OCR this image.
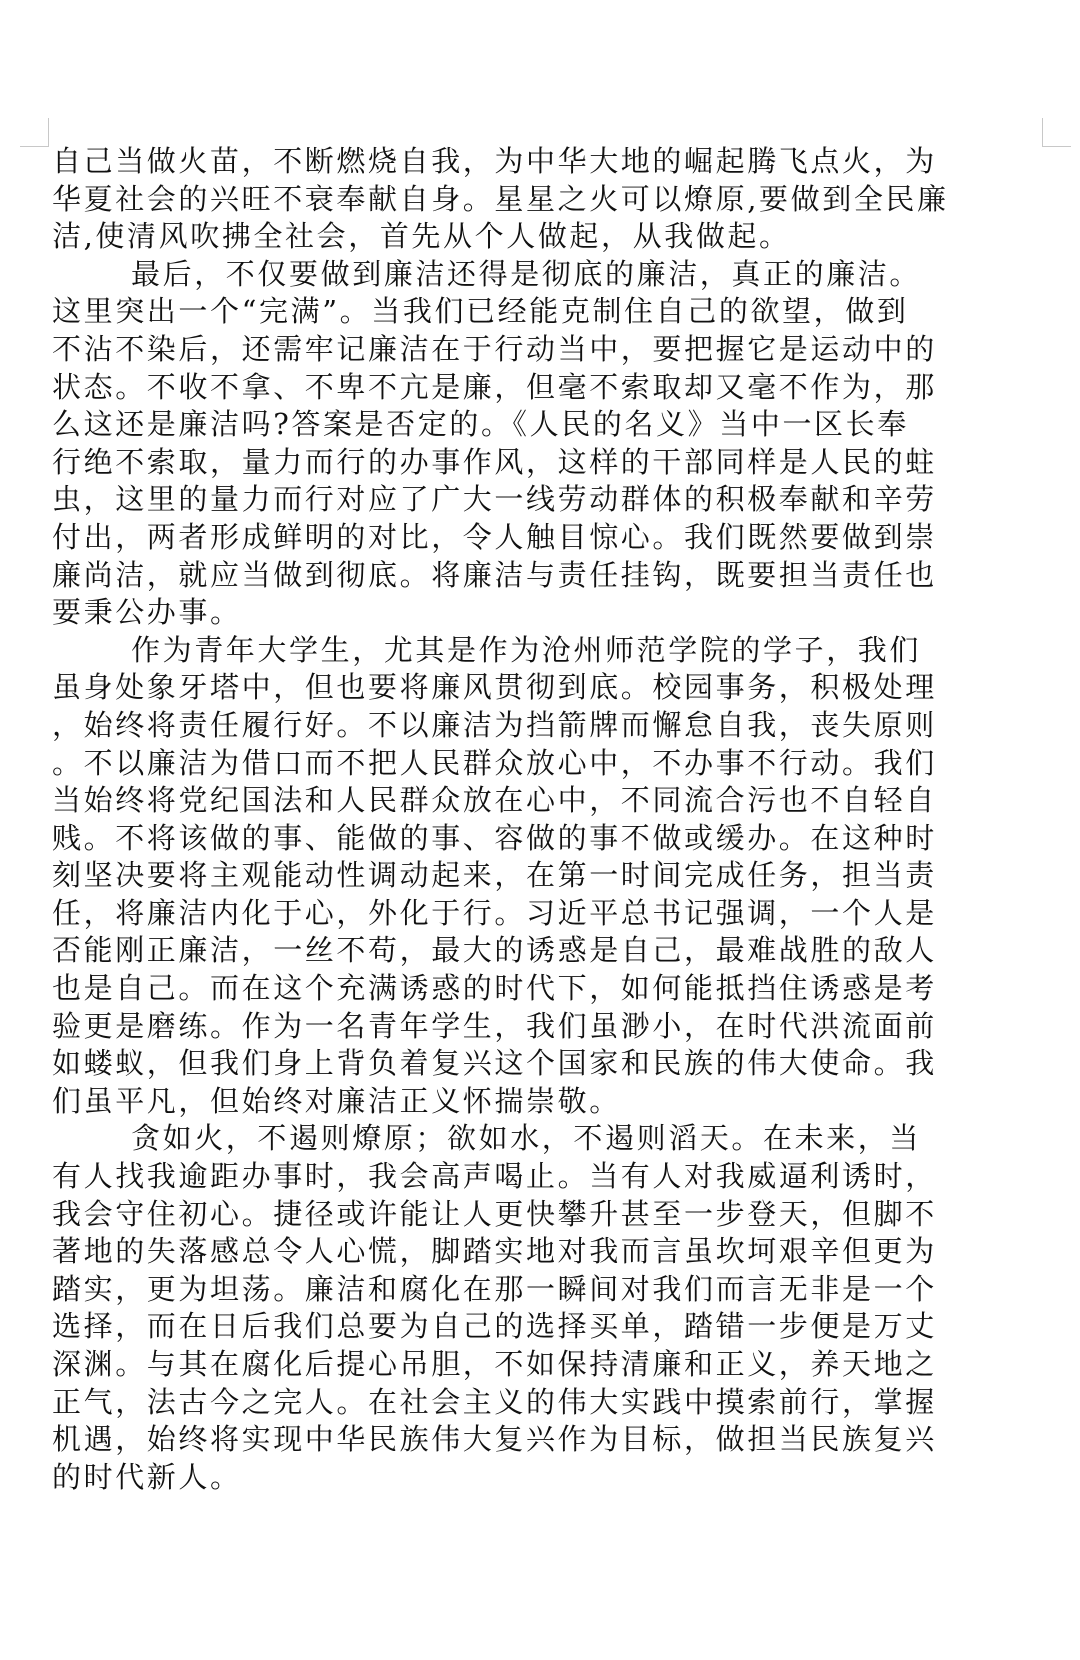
自己当做火苗，不断燃烧自我，为中华大地的崛起腾飞点火，为
华夏社会的兴旺不衰奉献自身。星星之火可以燎原,要做到全民廉
洁,使清风吹拂全社会，首先从个人做起，从我做起。
最后，不仅要做到廉洁还得是彻底的廉洁，真正的廉洁。
这里突出一个“完满”。当我们已经能克制住自己的欲望，做到
不沾不染后，还需牢记廉洁在于行动当中，要把握它是运动中的
状态。不收不拿、不卑不亢是廉，但毫不索取却又毫不作为，那
么这还是廉洁吗?答案是否定的。《人民的名义》当中一区长奉
行绝不索取，量力而行的办事作风，这样的干部同样是人民的蛀
虫，这里的量力而行对应了广大一线劳动群体的积极奉献和辛劳
付出，两者形成鲜明的对比，令人触目惊心。我们既然要做到崇
廉尚洁，就应当做到彻底。将廉洁与责任挂钩，既要担当责任也
要秉公办事。
作为青年大学生，尤其是作为沧州师范学院的学子，我们
虽身处象牙塔中，但也要将廉风贯彻到底。校园事务，积极处理
，始终将责任履行好。不以廉洁为挡箭牌而懈怠自我，丧失原则
。不以廉洁为借口而不把人民群众放心中，不办事不行动。我们
当始终将党纪国法和人民群众放在心中，不同流合污也不自轻自
贱。不将该做的事、能做的事、容做的事不做或缓办。在这种时
刻坚决要将主观能动性调动起来，在第一时间完成任务，担当责
任，将廉洁内化于心，外化于行。习近平总书记强调，一个人是
否能刚正廉洁，一丝不苟，最大的诱惑是自己，最难战胜的敌人
也是自己。而在这个充满诱惑的时代下，如何能抵挡住诱惑是考
验更是磨练。作为一名青年学生，我们虽渺小，在时代洪流面前
如蝼蚁，但我们身上背负着复兴这个国家和民族的伟大使命。我
们虽平凡，但始终对廉洁正义怀揣崇敬。
贪如火，不遏则燎原；欲如水，不遏则滔天。在未来，当
有人找我逾距办事时，我会高声喝止。当有人对我威逼利诱时，
我会守住初心。捷径或许能让人更快攀升甚至一步登天，但脚不
著地的失落感总令人心慌，脚踏实地对我而言虽坎坷艰辛但更为
踏实，更为坦荡。廉洁和腐化在那一瞬间对我们而言无非是一个
选择，而在日后我们总要为自己的选择买单，踏错一步便是万丈
深渊。与其在腐化后提心吊胆，不如保持清廉和正义，养天地之
正气，法古今之完人。在社会主义的伟大实践中摸索前行，掌握
机遇，始终将实现中华民族伟大复兴作为目标，做担当民族复兴
的时代新人。
